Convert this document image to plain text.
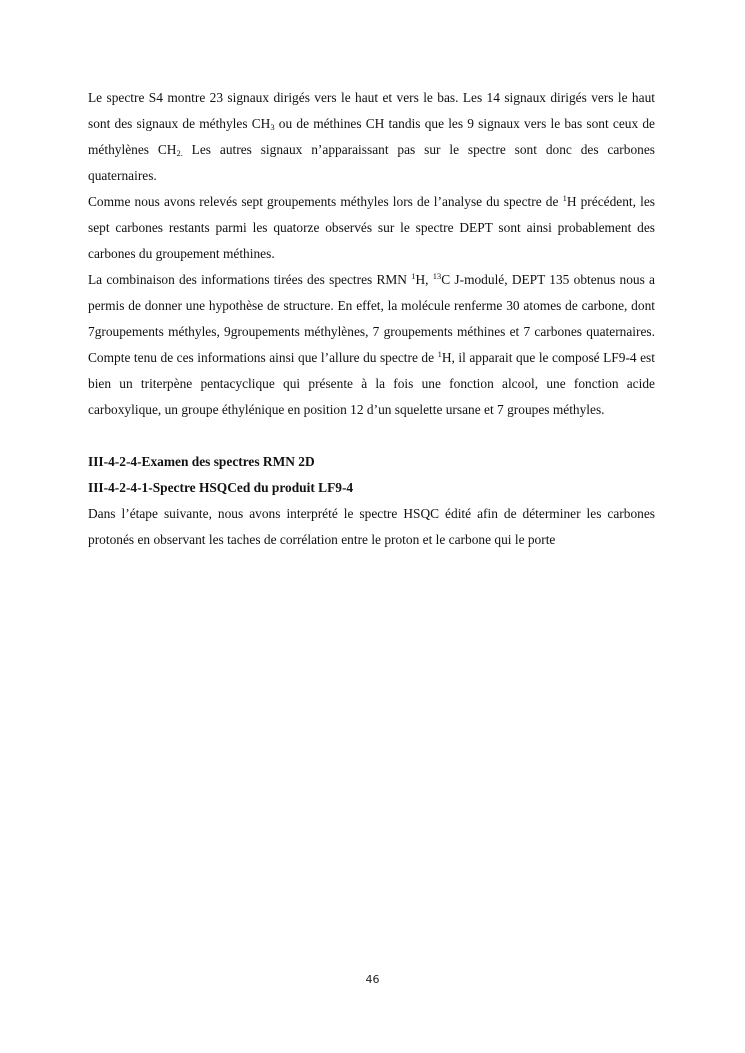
Le spectre S4 montre 23 signaux dirigés vers le haut et vers le bas. Les 14 signaux dirigés vers le haut sont des signaux de méthyles $CH_3$ ou de méthines CH tandis que les 9 signaux vers le bas sont ceux de méthylènes $CH_{2.}$ Les autres signaux n’apparaissant pas sur le spectre sont donc des carbones quaternaires.

Comme nous avons relevés sept groupements méthyles lors de l’analyse du spectre de $^1$H précédent, les sept carbones restants parmi les quatorze observés sur le spectre DEPT sont ainsi probablement des carbones du groupement méthines.

La combinaison des informations tirées des spectres RMN $^1$H, $^{13}$C J-modulé, DEPT 135 obtenus nous a permis de donner une hypothèse de structure. En effet, la molécule renferme 30 atomes de carbone, dont 7groupements méthyles, 9groupements méthylènes, 7 groupements méthines et 7 carbones quaternaires. Compte tenu de ces informations ainsi que l’allure du spectre de $^1$H, il apparait que le composé LF9-4 est bien un triterpène pentacyclique qui présente à la fois une fonction alcool, une fonction acide carboxylique, un groupe éthylénique en position 12 d’un squelette ursane et 7 groupes méthyles.

III-4-2-4-Examen des spectres RMN 2D
III-4-2-4-1-Spectre HSQCed du produit LF9-4

Dans l’étape suivante, nous avons interprété le spectre HSQC édité afin de déterminer les carbones protonés en observant les taches de corrélation entre le proton et le carbone qui le porte

46
